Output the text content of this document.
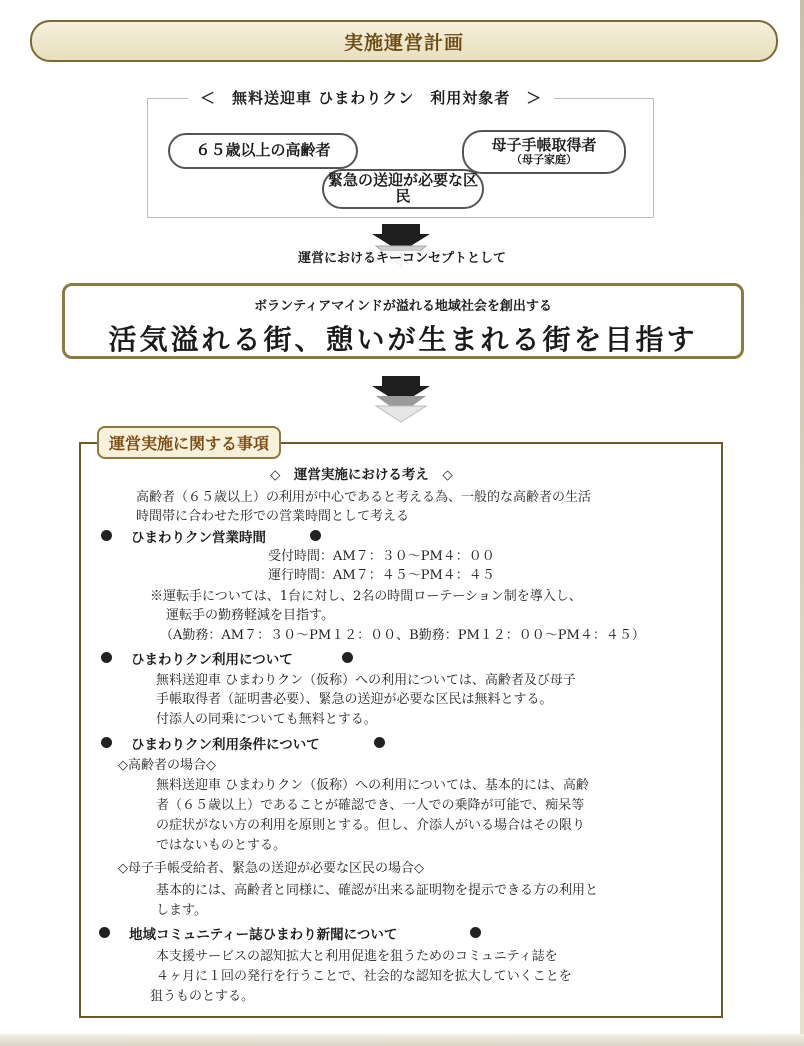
実施運営計画
＜　無料送迎車 ひまわりクン　利用対象者　＞
６５歳以上の高齢者	母子手帳取得者
（母子家庭）
緊急の送迎が必要な区民
運営におけるキーコンセプトとして
ボランティアマインドが溢れる地域社会を創出する
活気溢れる街、憩いが生まれる街を目指す
運営実施に関する事項
◇　運営実施における考え　◇
高齢者（６５歳以上）の利用が中心であると考える為、一般的な高齢者の生活
時間帯に合わせた形での営業時間として考える
ひまわりクン営業時間
受付時間：AM７：３０～PM４：００
運行時間：AM７：４５～PM４：４５
※運転手については、1台に対し、2名の時間ローテーション制を導入し、
運転手の勤務軽減を目指す。
（A勤務：AM７：３０～PM１２：００、B勤務：PM１２：００～PM４：４５）
ひまわりクン利用について
無料送迎車 ひまわりクン（仮称）への利用については、高齢者及び母子
手帳取得者（証明書必要）、緊急の送迎が必要な区民は無料とする。
付添人の同乗についても無料とする。
ひまわりクン利用条件について
◇高齢者の場合◇
無料送迎車 ひまわりクン（仮称）への利用については、基本的には、高齢
者（６５歳以上）であることが確認でき、一人での乗降が可能で、痴呆等
の症状がない方の利用を原則とする。但し、介添人がいる場合はその限り
ではないものとする。
◇母子手帳受給者、緊急の送迎が必要な区民の場合◇
基本的には、高齢者と同様に、確認が出来る証明物を提示できる方の利用と
します。
地域コミュニティー誌ひまわり新聞について
本支援サービスの認知拡大と利用促進を狙うためのコミュニティ誌を
４ヶ月に１回の発行を行うことで、社会的な認知を拡大していくことを
狙うものとする。
